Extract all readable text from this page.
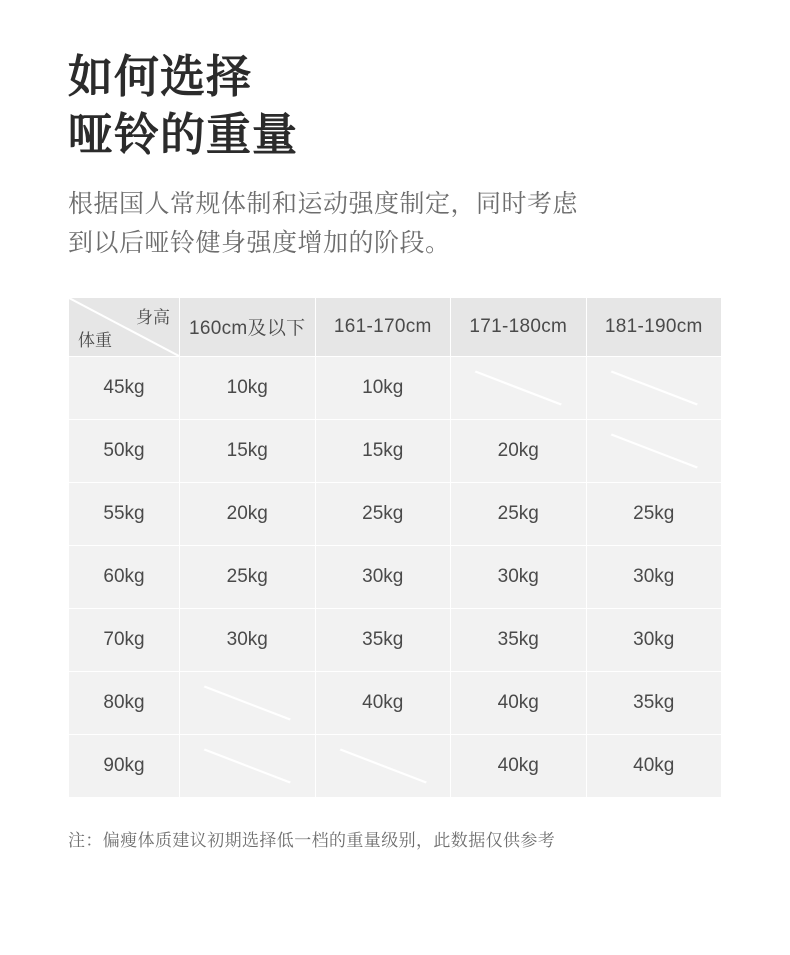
如何选择
哑铃的重量
根据国人常规体制和运动强度制定，同时考虑
到以后哑铃健身强度增加的阶段。
身高
体重	160cm及以下	161-170cm	171-180cm	181-190cm
45kg	10kg	10kg	

50kg	15kg	15kg	20kg	

55kg	20kg	25kg	25kg	25kg
60kg	25kg	30kg	30kg	30kg
70kg	30kg	35kg	35kg	30kg
80kg		40kg	40kg	35kg
90kg			40kg	40kg
注：偏瘦体质建议初期选择低一档的重量级别，此数据仅供参考
